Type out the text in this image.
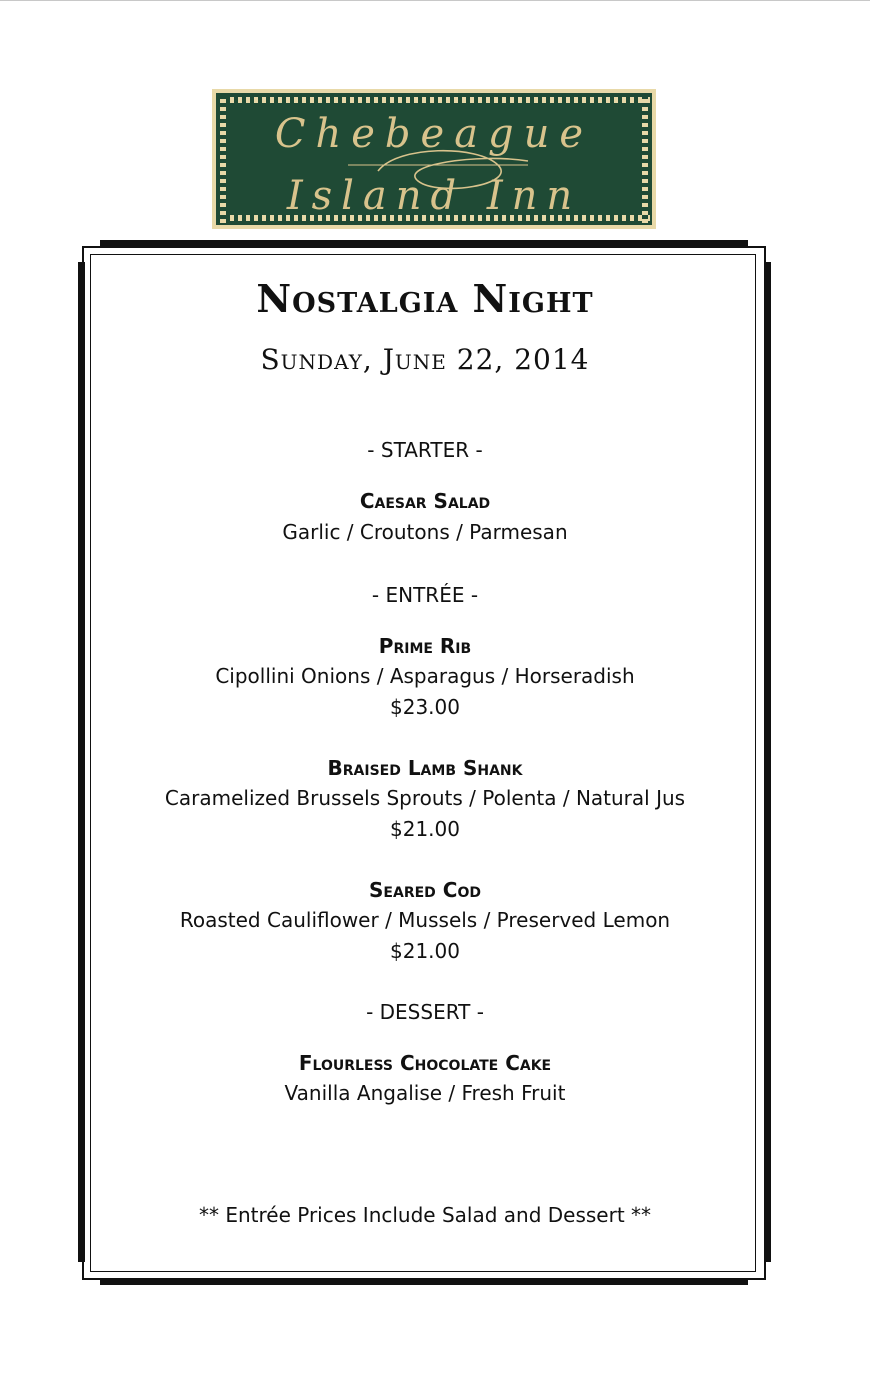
Chebeague
Island Inn
Nostalgia Night
Sunday, June 22, 2014
- STARTER -
Caesar Salad
Garlic / Croutons / Parmesan
- ENTRÉE -
Prime Rib
Cipollini Onions / Asparagus / Horseradish
$23.00
Braised Lamb Shank
Caramelized Brussels Sprouts / Polenta / Natural Jus
$21.00
Seared Cod
Roasted Cauliflower / Mussels / Preserved Lemon
$21.00
- DESSERT -
Flourless Chocolate Cake
Vanilla Angalise / Fresh Fruit
** Entrée Prices Include Salad and Dessert **
